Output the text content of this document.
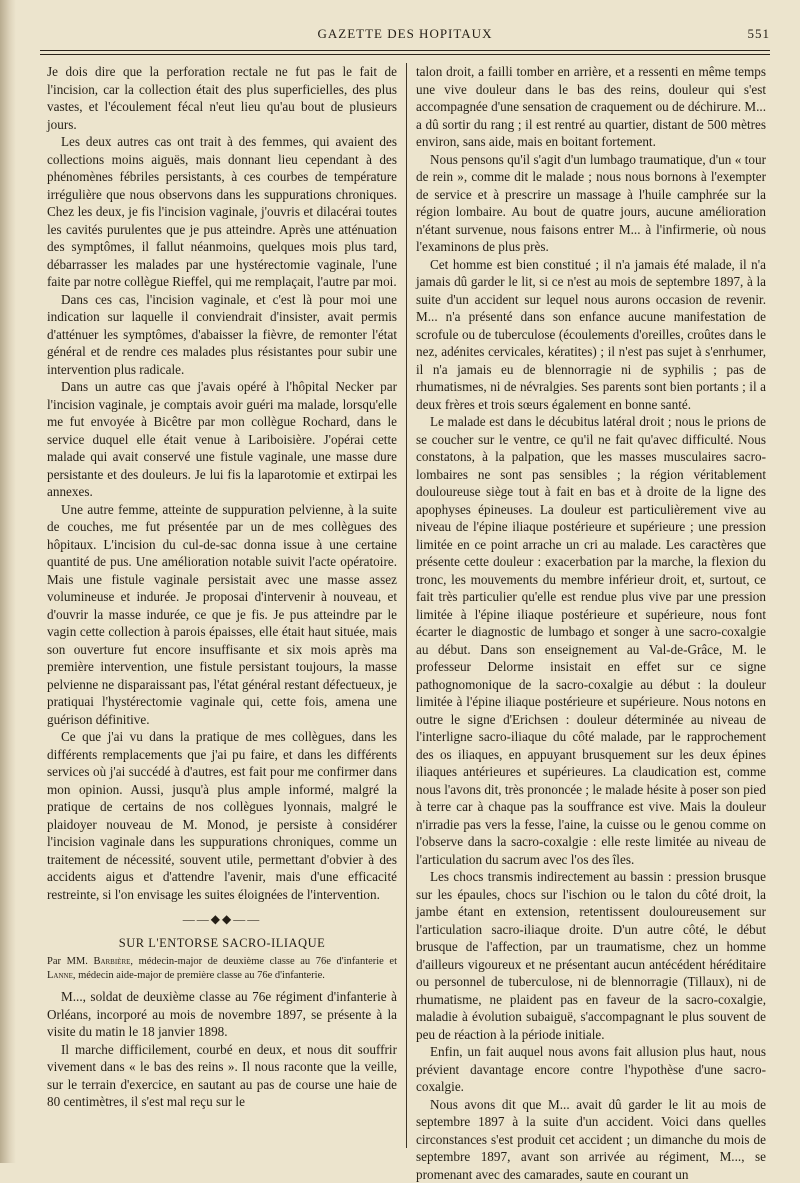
GAZETTE DES HOPITAUX	551

Je dois dire que la perforation rectale ne fut pas le fait de l'incision, car la collection était des plus superficielles, des plus vastes, et l'écoulement fécal n'eut lieu qu'au bout de plusieurs jours.

Les deux autres cas ont trait à des femmes, qui avaient des collections moins aiguës, mais donnant lieu cependant à des phénomènes fébriles persistants, à ces courbes de température irrégulière que nous observons dans les suppurations chroniques. Chez les deux, je fis l'incision vaginale, j'ouvris et dilacérai toutes les cavités purulentes que je pus atteindre. Après une atténuation des symptômes, il fallut néanmoins, quelques mois plus tard, débarrasser les malades par une hystérectomie vaginale, l'une faite par notre collègue Rieffel, qui me remplaçait, l'autre par moi.

Dans ces cas, l'incision vaginale, et c'est là pour moi une indication sur laquelle il conviendrait d'insister, avait permis d'atténuer les symptômes, d'abaisser la fièvre, de remonter l'état général et de rendre ces malades plus résistantes pour subir une intervention plus radicale.

Dans un autre cas que j'avais opéré à l'hôpital Necker par l'incision vaginale, je comptais avoir guéri ma malade, lorsqu'elle me fut envoyée à Bicêtre par mon collègue Rochard, dans le service duquel elle était venue à Lariboisière. J'opérai cette malade qui avait conservé une fistule vaginale, une masse dure persistante et des douleurs. Je lui fis la laparotomie et extirpai les annexes.

Une autre femme, atteinte de suppuration pelvienne, à la suite de couches, me fut présentée par un de mes collègues des hôpitaux. L'incision du cul-de-sac donna issue à une certaine quantité de pus. Une amélioration notable suivit l'acte opératoire. Mais une fistule vaginale persistait avec une masse assez volumineuse et indurée. Je proposai d'intervenir à nouveau, et d'ouvrir la masse indurée, ce que je fis. Je pus atteindre par le vagin cette collection à parois épaisses, elle était haut située, mais son ouverture fut encore insuffisante et six mois après ma première intervention, une fistule persistant toujours, la masse pelvienne ne disparaissant pas, l'état général restant défectueux, je pratiquai l'hystérectomie vaginale qui, cette fois, amena une guérison définitive.

Ce que j'ai vu dans la pratique de mes collègues, dans les différents remplacements que j'ai pu faire, et dans les différents services où j'ai succédé à d'autres, est fait pour me confirmer dans mon opinion. Aussi, jusqu'à plus ample informé, malgré la pratique de certains de nos collègues lyonnais, malgré le plaidoyer nouveau de M. Monod, je persiste à considérer l'incision vaginale dans les suppurations chroniques, comme un traitement de nécessité, souvent utile, permettant d'obvier à des accidents aigus et d'attendre l'avenir, mais d'une efficacité restreinte, si l'on envisage les suites éloignées de l'intervention.

——◆◆——
SUR L'ENTORSE SACRO-ILIAQUE
Par MM. Barbière, médecin-major de deuxième classe au 76e d'infanterie et Lanne, médecin aide-major de première classe au 76e d'infanterie.

M..., soldat de deuxième classe au 76e régiment d'infanterie à Orléans, incorporé au mois de novembre 1897, se présente à la visite du matin le 18 janvier 1898.

Il marche difficilement, courbé en deux, et nous dit souffrir vivement dans « le bas des reins ». Il nous raconte que la veille, sur le terrain d'exercice, en sautant au pas de course une haie de 80 centimètres, il s'est mal reçu sur le

talon droit, a failli tomber en arrière, et a ressenti en même temps une vive douleur dans le bas des reins, douleur qui s'est accompagnée d'une sensation de craquement ou de déchirure. M... a dû sortir du rang ; il est rentré au quartier, distant de 500 mètres environ, sans aide, mais en boitant fortement.

Nous pensons qu'il s'agit d'un lumbago traumatique, d'un « tour de rein », comme dit le malade ; nous nous bornons à l'exempter de service et à prescrire un massage à l'huile camphrée sur la région lombaire. Au bout de quatre jours, aucune amélioration n'étant survenue, nous faisons entrer M... à l'infirmerie, où nous l'examinons de plus près.

Cet homme est bien constitué ; il n'a jamais été malade, il n'a jamais dû garder le lit, si ce n'est au mois de septembre 1897, à la suite d'un accident sur lequel nous aurons occasion de revenir. M... n'a présenté dans son enfance aucune manifestation de scrofule ou de tuberculose (écoulements d'oreilles, croûtes dans le nez, adénites cervicales, kératites) ; il n'est pas sujet à s'enrhumer, il n'a jamais eu de blennorragie ni de syphilis ; pas de rhumatismes, ni de névralgies. Ses parents sont bien portants ; il a deux frères et trois sœurs également en bonne santé.

Le malade est dans le décubitus latéral droit ; nous le prions de se coucher sur le ventre, ce qu'il ne fait qu'avec difficulté. Nous constatons, à la palpation, que les masses musculaires sacro-lombaires ne sont pas sensibles ; la région véritablement douloureuse siège tout à fait en bas et à droite de la ligne des apophyses épineuses. La douleur est particulièrement vive au niveau de l'épine iliaque postérieure et supérieure ; une pression limitée en ce point arrache un cri au malade. Les caractères que présente cette douleur : exacerbation par la marche, la flexion du tronc, les mouvements du membre inférieur droit, et, surtout, ce fait très particulier qu'elle est rendue plus vive par une pression limitée à l'épine iliaque postérieure et supérieure, nous font écarter le diagnostic de lumbago et songer à une sacro-coxalgie au début. Dans son enseignement au Val-de-Grâce, M. le professeur Delorme insistait en effet sur ce signe pathognomonique de la sacro-coxalgie au début : la douleur limitée à l'épine iliaque postérieure et supérieure. Nous notons en outre le signe d'Erichsen : douleur déterminée au niveau de l'interligne sacro-iliaque du côté malade, par le rapprochement des os iliaques, en appuyant brusquement sur les deux épines iliaques antérieures et supérieures. La claudication est, comme nous l'avons dit, très prononcée ; le malade hésite à poser son pied à terre car à chaque pas la souffrance est vive. Mais la douleur n'irradie pas vers la fesse, l'aine, la cuisse ou le genou comme on l'observe dans la sacro-coxalgie : elle reste limitée au niveau de l'articulation du sacrum avec l'os des îles.

Les chocs transmis indirectement au bassin : pression brusque sur les épaules, chocs sur l'ischion ou le talon du côté droit, la jambe étant en extension, retentissent douloureusement sur l'articulation sacro-iliaque droite. D'un autre côté, le début brusque de l'affection, par un traumatisme, chez un homme d'ailleurs vigoureux et ne présentant aucun antécédent héréditaire ou personnel de tuberculose, ni de blennorragie (Tillaux), ni de rhumatisme, ne plaident pas en faveur de la sacro-coxalgie, maladie à évolution subaiguë, s'accompagnant le plus souvent de peu de réaction à la période initiale.

Enfin, un fait auquel nous avons fait allusion plus haut, nous prévient davantage encore contre l'hypothèse d'une sacro-coxalgie.

Nous avons dit que M... avait dû garder le lit au mois de septembre 1897 à la suite d'un accident. Voici dans quelles circonstances s'est produit cet accident ; un dimanche du mois de septembre 1897, avant son arrivée au régiment, M..., se promenant avec des camarades, saute en courant un
